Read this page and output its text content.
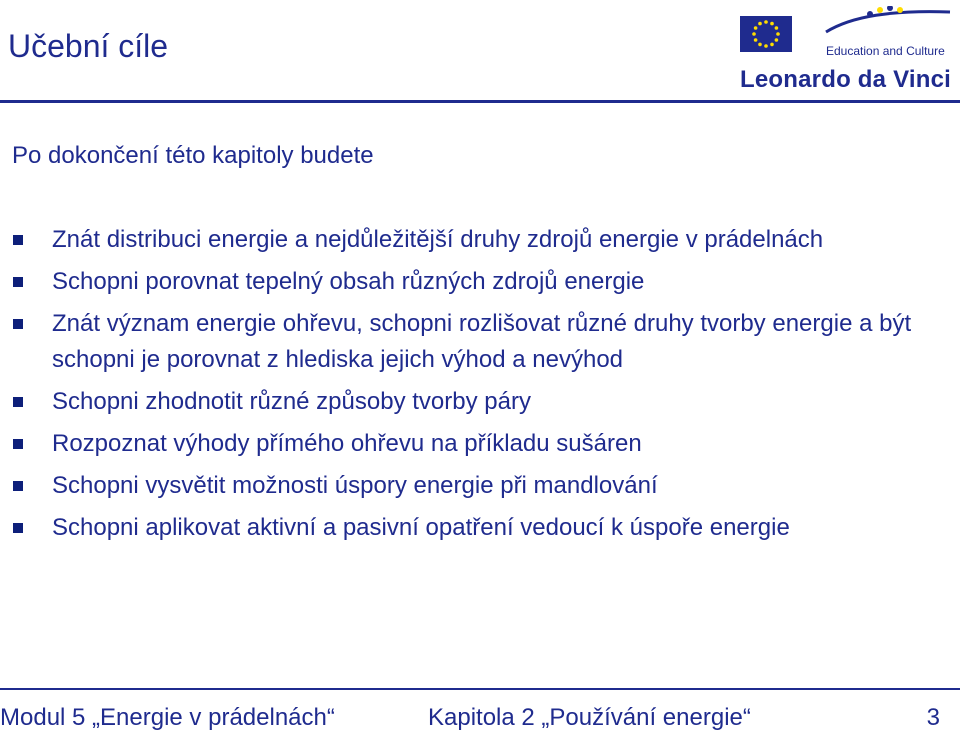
Učební cíle	Education and Culture
Leonardo da Vinci
Po dokončení této kapitoly budete
Znát distribuci energie a nejdůležitější druhy zdrojů energie v prádelnách
Schopni porovnat tepelný obsah různých zdrojů energie
Znát význam energie ohřevu, schopni rozlišovat různé druhy tvorby energie a být schopni je porovnat z hlediska jejich výhod a nevýhod
Schopni zhodnotit různé způsoby tvorby páry
Rozpoznat výhody přímého ohřevu na příkladu sušáren
Schopni vysvětit možnosti úspory energie při mandlování
Schopni aplikovat aktivní a pasivní opatření vedoucí k úspoře energie
Modul 5 „Energie v prádelnách“	Kapitola 2 „Používání energie“	3
